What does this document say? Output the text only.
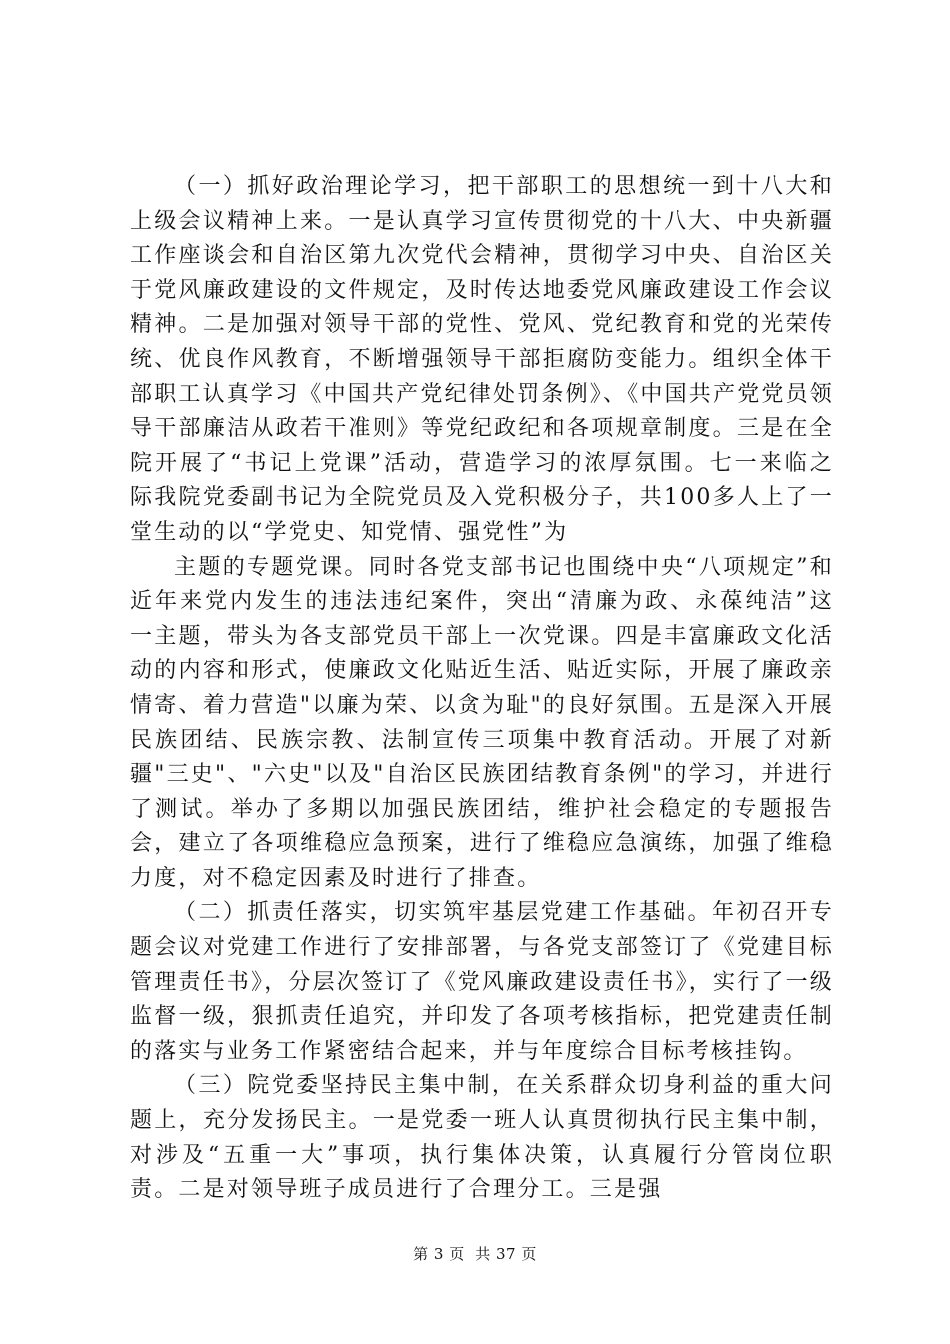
（一）抓好政治理论学习，把干部职工的思想统一到十八大和上级会议精神上来。一是认真学习宣传贯彻党的十八大、中央新疆工作座谈会和自治区第九次党代会精神，贯彻学习中央、自治区关于党风廉政建设的文件规定，及时传达地委党风廉政建设工作会议精神。二是加强对领导干部的党性、党风、党纪教育和党的光荣传统、优良作风教育，不断增强领导干部拒腐防变能力。组织全体干部职工认真学习《中国共产党纪律处罚条例》、《中国共产党党员领导干部廉洁从政若干准则》等党纪政纪和各项规章制度。三是在全院开展了“书记上党课”活动，营造学习的浓厚氛围。七一来临之际我院党委副书记为全院党员及入党积极分子，共100多人上了一堂生动的以“学党史、知党情、强党性”为

主题的专题党课。同时各党支部书记也围绕中央“八项规定”和近年来党内发生的违法违纪案件，突出“清廉为政、永葆纯洁”这一主题，带头为各支部党员干部上一次党课。四是丰富廉政文化活动的内容和形式，使廉政文化贴近生活、贴近实际，开展了廉政亲情寄、着力营造"以廉为荣、以贪为耻"的良好氛围。五是深入开展民族团结、民族宗教、法制宣传三项集中教育活动。开展了对新疆"三史"、"六史"以及"自治区民族团结教育条例"的学习，并进行了测试。举办了多期以加强民族团结，维护社会稳定的专题报告会，建立了各项维稳应急预案，进行了维稳应急演练，加强了维稳力度，对不稳定因素及时进行了排查。

（二）抓责任落实，切实筑牢基层党建工作基础。年初召开专题会议对党建工作进行了安排部署，与各党支部签订了《党建目标管理责任书》，分层次签订了《党风廉政建设责任书》，实行了一级监督一级，狠抓责任追究，并印发了各项考核指标，把党建责任制的落实与业务工作紧密结合起来，并与年度综合目标考核挂钩。

（三）院党委坚持民主集中制，在关系群众切身利益的重大问题上，充分发扬民主。一是党委一班人认真贯彻执行民主集中制，对涉及“五重一大”事项，执行集体决策，认真履行分管岗位职责。二是对领导班子成员进行了合理分工。三是强

第 3 页  共 37 页
